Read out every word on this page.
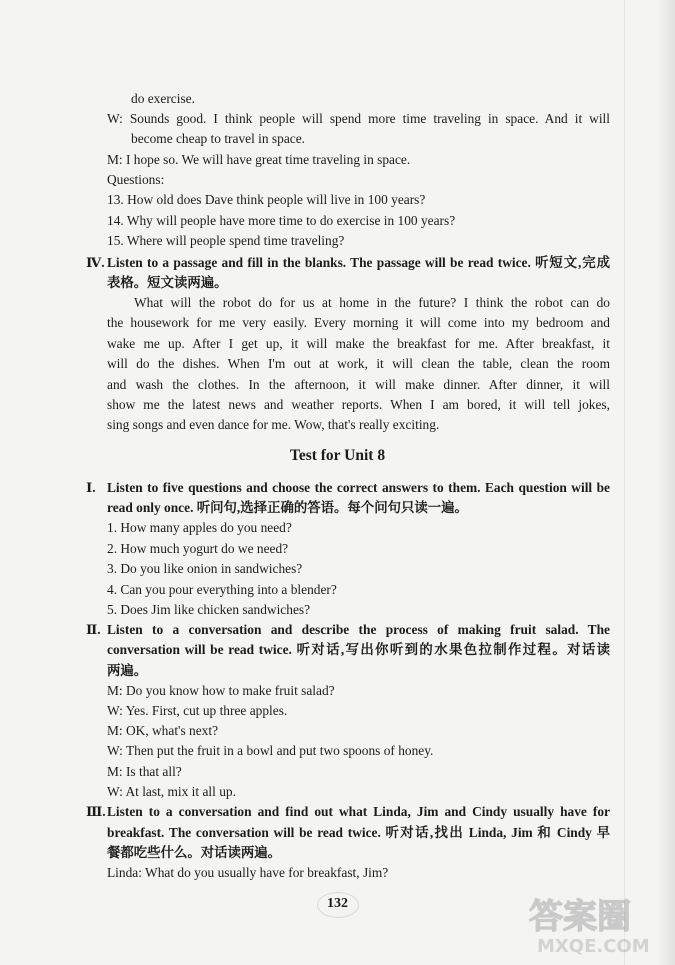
do exercise.
W: Sounds good. I think people will spend more time traveling in space. And it will
become cheap to travel in space.
M: I hope so. We will have great time traveling in space.
Questions:
13. How old does Dave think people will live in 100 years?
14. Why will people have more time to do exercise in 100 years?
15. Where will people spend time traveling?
Ⅳ. Listen to a passage and fill in the blanks. The passage will be read twice. 听短文,完成
表格。短文读两遍。
What will the robot do for us at home in the future? I think the robot can do
the housework for me very easily. Every morning it will come into my bedroom and
wake me up. After I get up, it will make the breakfast for me. After breakfast, it
will do the dishes. When I'm out at work, it will clean the table, clean the room
and wash the clothes. In the afternoon, it will make dinner. After dinner, it will
show me the latest news and weather reports. When I am bored, it will tell jokes,
sing songs and even dance for me. Wow, that's really exciting.
Test for Unit 8
Ⅰ. Listen to five questions and choose the correct answers to them. Each question will be
read only once. 听问句,选择正确的答语。每个问句只读一遍。
1. How many apples do you need?
2. How much yogurt do we need?
3. Do you like onion in sandwiches?
4. Can you pour everything into a blender?
5. Does Jim like chicken sandwiches?
Ⅱ. Listen to a conversation and describe the process of making fruit salad. The
conversation will be read twice. 听对话,写出你听到的水果色拉制作过程。对话读
两遍。
M: Do you know how to make fruit salad?
W: Yes. First, cut up three apples.
M: OK, what's next?
W: Then put the fruit in a bowl and put two spoons of honey.
M: Is that all?
W: At last, mix it all up.
Ⅲ. Listen to a conversation and find out what Linda, Jim and Cindy usually have for
breakfast. The conversation will be read twice. 听对话,找出 Linda, Jim 和 Cindy 早
餐都吃些什么。对话读两遍。
Linda: What do you usually have for breakfast, Jim?
132	答案圈
MXQE.COM
